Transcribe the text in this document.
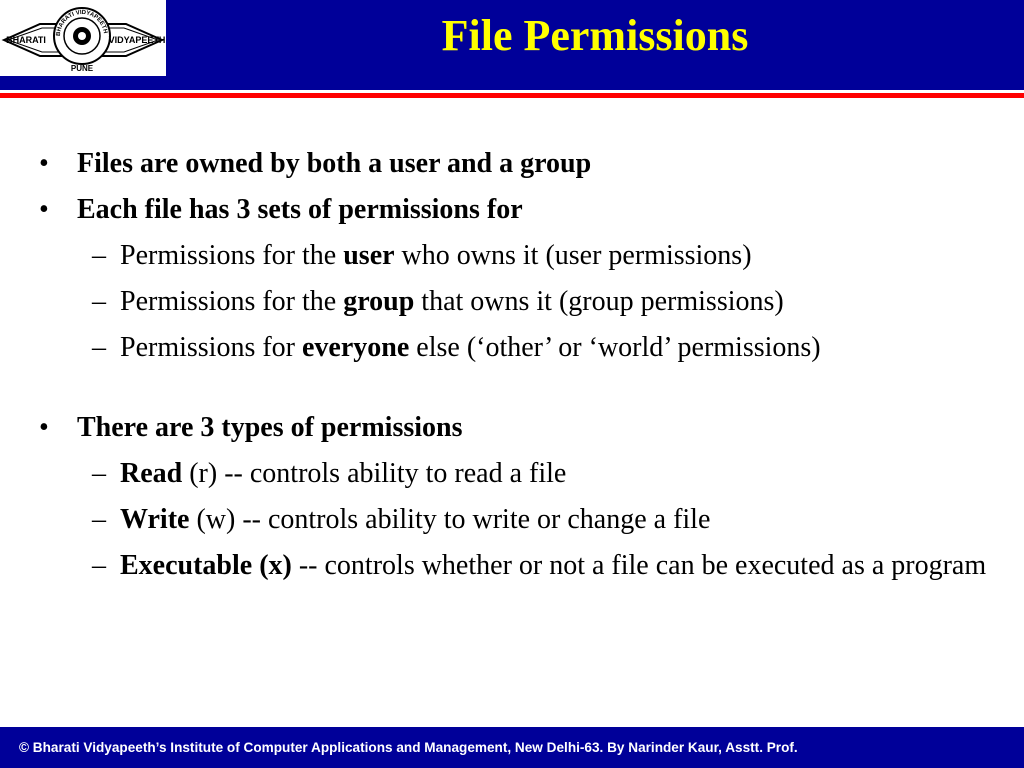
BHARATI VIDYAPEETH
BHARATI	VIDYAPEETH
PUNE
File Permissions
• Files are owned by both a user and a group
• Each file has 3 sets of permissions for
– Permissions for the user who owns it (user permissions)
– Permissions for the group that owns it (group permissions)
– Permissions for everyone else (‘other’ or ‘world’ permissions)
• There are 3 types of permissions
– Read (r) -- controls ability to read a file
– Write (w) -- controls ability to write or change a file
– Executable (x) -- controls whether or not a file can be executed as a program
© Bharati Vidyapeeth’s Institute of Computer Applications and Management, New Delhi-63. By Narinder Kaur, Asstt. Prof.
